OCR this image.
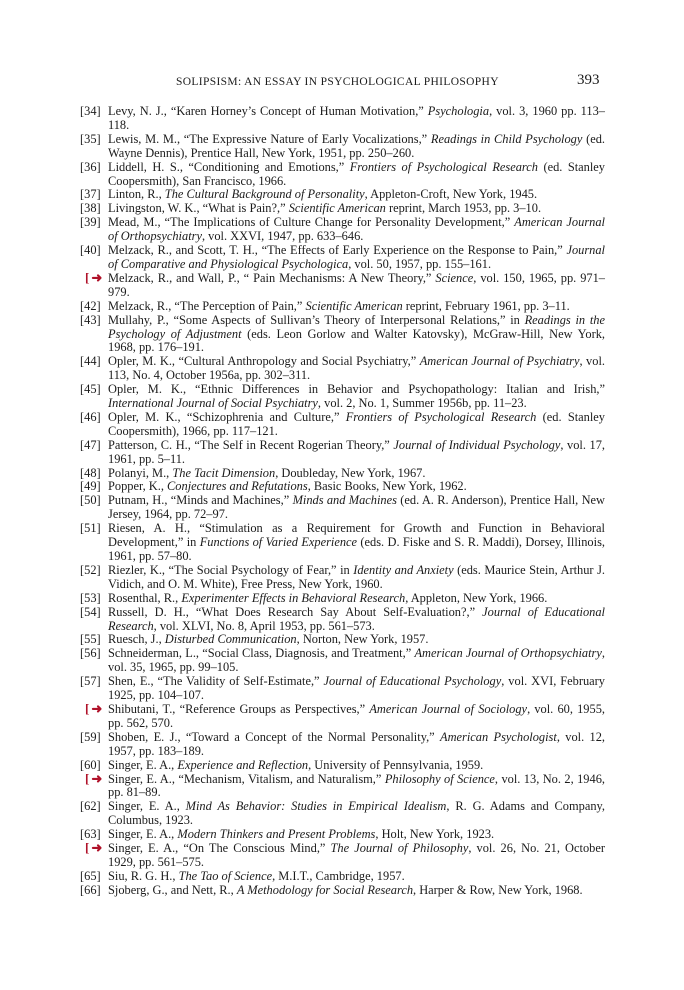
SOLIPSISM: AN ESSAY IN PSYCHOLOGICAL PHILOSOPHY	393
[34] Levy, N. J., “Karen Horney’s Concept of Human Motivation,” Psychologia, vol. 3, 1960 pp. 113–118.
[35] Lewis, M. M., “The Expressive Nature of Early Vocalizations,” Readings in Child Psychology (ed. Wayne Dennis), Prentice Hall, New York, 1951, pp. 250–260.
[36] Liddell, H. S., “Conditioning and Emotions,” Frontiers of Psychological Research (ed. Stanley Coopersmith), San Francisco, 1966.
[37] Linton, R., The Cultural Background of Personality, Appleton-Croft, New York, 1945.
[38] Livingston, W. K., “What is Pain?,” Scientific American reprint, March 1953, pp. 3–10.
[39] Mead, M., “The Implications of Culture Change for Personality Development,” American Journal of Orthopsychiatry, vol. XXVI, 1947, pp. 633–646.
[40] Melzack, R., and Scott, T. H., “The Effects of Early Experience on the Response to Pain,” Journal of Comparative and Physiological Psychologica, vol. 50, 1957, pp. 155–161.
[ ➜ Melzack, R., and Wall, P., “ Pain Mechanisms: A New Theory,” Science, vol. 150, 1965, pp. 971–979.
[42] Melzack, R., “The Perception of Pain,” Scientific American reprint, February 1961, pp. 3–11.
[43] Mullahy, P., “Some Aspects of Sullivan’s Theory of Interpersonal Relations,” in Readings in the Psychology of Adjustment (eds. Leon Gorlow and Walter Katovsky), McGraw-Hill, New York, 1968, pp. 176–191.
[44] Opler, M. K., “Cultural Anthropology and Social Psychiatry,” American Journal of Psychiatry, vol. 113, No. 4, October 1956a, pp. 302–311.
[45] Opler, M. K., “Ethnic Differences in Behavior and Psychopathology: Italian and Irish,” International Journal of Social Psychiatry, vol. 2, No. 1, Summer 1956b, pp. 11–23.
[46] Opler, M. K., “Schizophrenia and Culture,” Frontiers of Psychological Research (ed. Stanley Coopersmith), 1966, pp. 117–121.
[47] Patterson, C. H., “The Self in Recent Rogerian Theory,” Journal of Individual Psychology, vol. 17, 1961, pp. 5–11.
[48] Polanyi, M., The Tacit Dimension, Doubleday, New York, 1967.
[49] Popper, K., Conjectures and Refutations, Basic Books, New York, 1962.
[50] Putnam, H., “Minds and Machines,” Minds and Machines (ed. A. R. Anderson), Prentice Hall, New Jersey, 1964, pp. 72–97.
[51] Riesen, A. H., “Stimulation as a Requirement for Growth and Function in Behavioral Development,” in Functions of Varied Experience (eds. D. Fiske and S. R. Maddi), Dorsey, Illinois, 1961, pp. 57–80.
[52] Riezler, K., “The Social Psychology of Fear,” in Identity and Anxiety (eds. Maurice Stein, Arthur J. Vidich, and O. M. White), Free Press, New York, 1960.
[53] Rosenthal, R., Experimenter Effects in Behavioral Research, Appleton, New York, 1966.
[54] Russell, D. H., “What Does Research Say About Self-Evaluation?,” Journal of Educational Research, vol. XLVI, No. 8, April 1953, pp. 561–573.
[55] Ruesch, J., Disturbed Communication, Norton, New York, 1957.
[56] Schneiderman, L., “Social Class, Diagnosis, and Treatment,” American Journal of Orthopsychiatry, vol. 35, 1965, pp. 99–105.
[57] Shen, E., “The Validity of Self-Estimate,” Journal of Educational Psychology, vol. XVI, February 1925, pp. 104–107.
[ ➜ Shibutani, T., “Reference Groups as Perspectives,” American Journal of Sociology, vol. 60, 1955, pp. 562, 570.
[59] Shoben, E. J., “Toward a Concept of the Normal Personality,” American Psychologist, vol. 12, 1957, pp. 183–189.
[60] Singer, E. A., Experience and Reflection, University of Pennsylvania, 1959.
[ ➜ Singer, E. A., “Mechanism, Vitalism, and Naturalism,” Philosophy of Science, vol. 13, No. 2, 1946, pp. 81–89.
[62] Singer, E. A., Mind As Behavior: Studies in Empirical Idealism, R. G. Adams and Company, Columbus, 1923.
[63] Singer, E. A., Modern Thinkers and Present Problems, Holt, New York, 1923.
[ ➜ Singer, E. A., “On The Conscious Mind,” The Journal of Philosophy, vol. 26, No. 21, October 1929, pp. 561–575.
[65] Siu, R. G. H., The Tao of Science, M.I.T., Cambridge, 1957.
[66] Sjoberg, G., and Nett, R., A Methodology for Social Research, Harper & Row, New York, 1968.
